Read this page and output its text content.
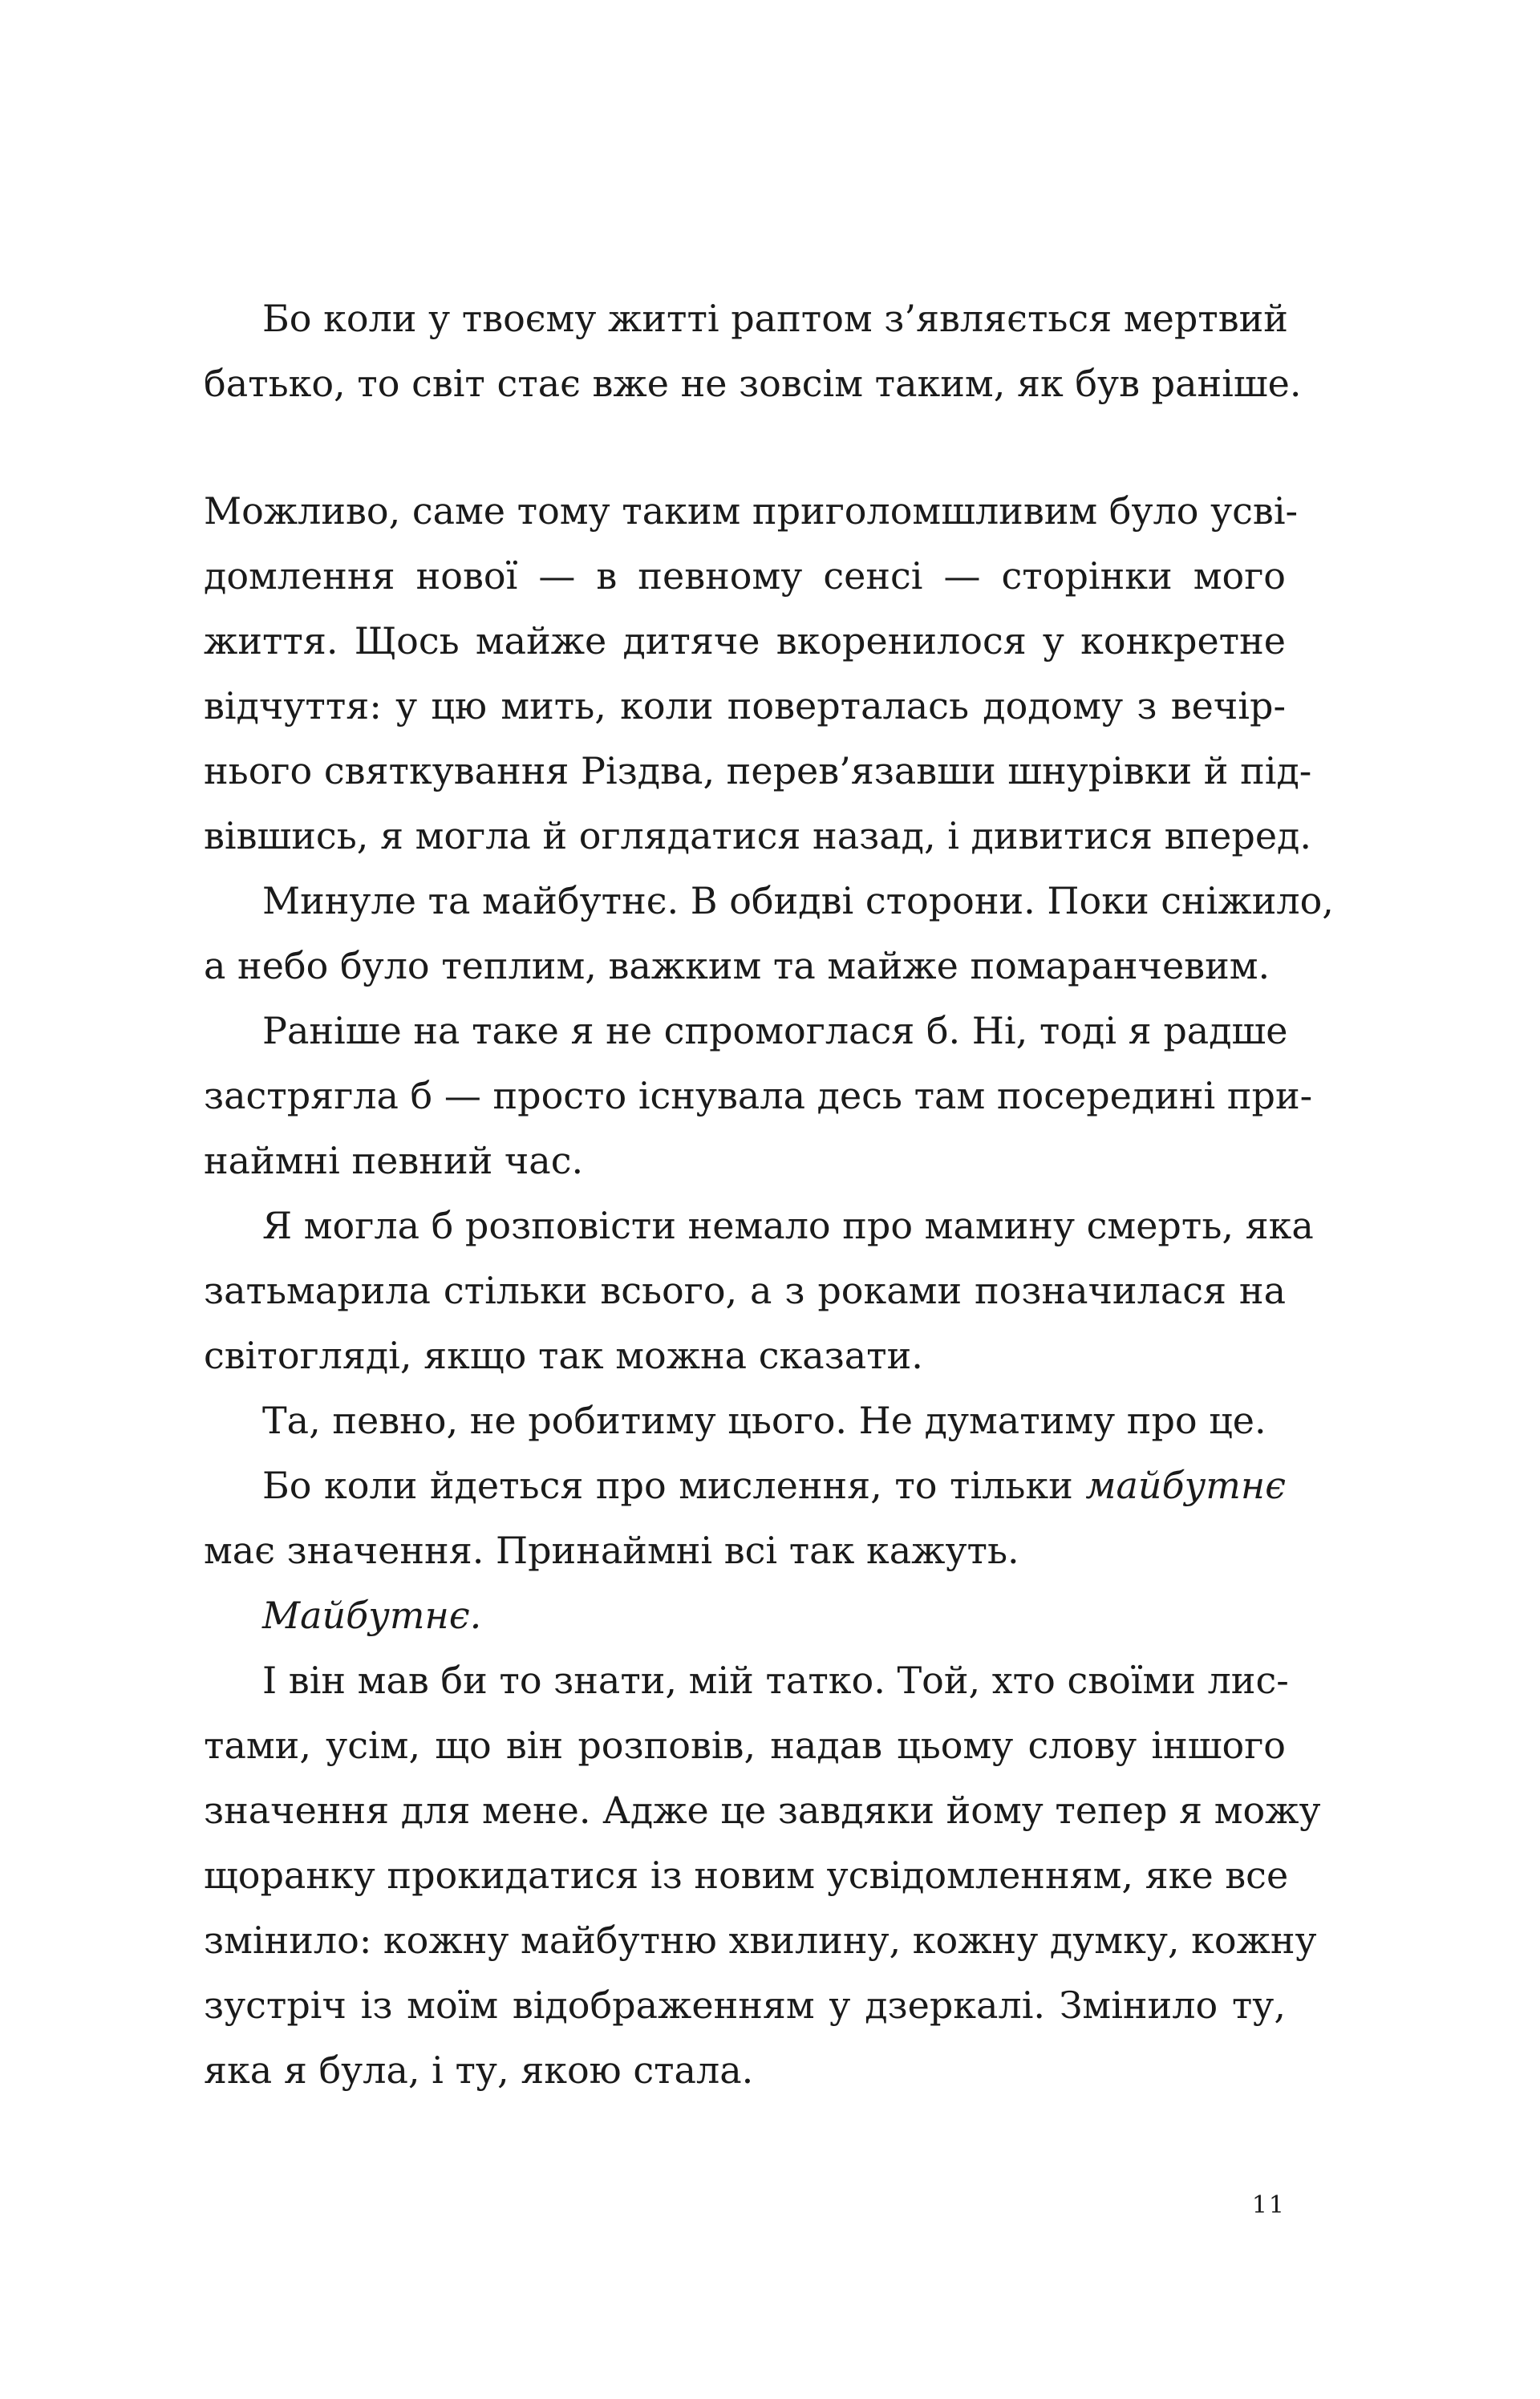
Бо коли у твоєму житті раптом з’являється мертвий
батько, то світ стає вже не зовсім таким, як був раніше.
Можливо, саме тому таким приголомшливим було усві-
домлення нової — в певному сенсі — сторінки мого
життя. Щось майже дитяче вкоренилося у конкретне
відчуття: у цю мить, коли поверталась додому з вечір-
нього святкування Різдва, перев’язавши шнурівки й під-
вівшись, я могла й оглядатися назад, і дивитися вперед.
Минуле та майбутнє. В обидві сторони. Поки сніжило,
а небо було теплим, важким та майже помаранчевим.
Раніше на таке я не спромоглася б. Ні, тоді я радше
застрягла б — просто існувала десь там посередині при-
наймні певний час.
Я могла б розповісти немало про мамину смерть, яка
затьмарила стільки всього, а з роками позначилася на
світогляді, якщо так можна сказати.
Та, певно, не робитиму цього. Не думатиму про це.
Бо коли йдеться про мислення, то тільки майбутнє
має значення. Принаймні всі так кажуть.
Майбутнє.
І він мав би то знати, мій татко. Той, хто своїми лис-
тами, усім, що він розповів, надав цьому слову іншого
значення для мене. Адже це завдяки йому тепер я можу
щоранку прокидатися із новим усвідомленням, яке все
змінило: кожну майбутню хвилину, кожну думку, кожну
зустріч із моїм відображенням у дзеркалі. Змінило ту,
яка я була, і ту, якою стала.
11
